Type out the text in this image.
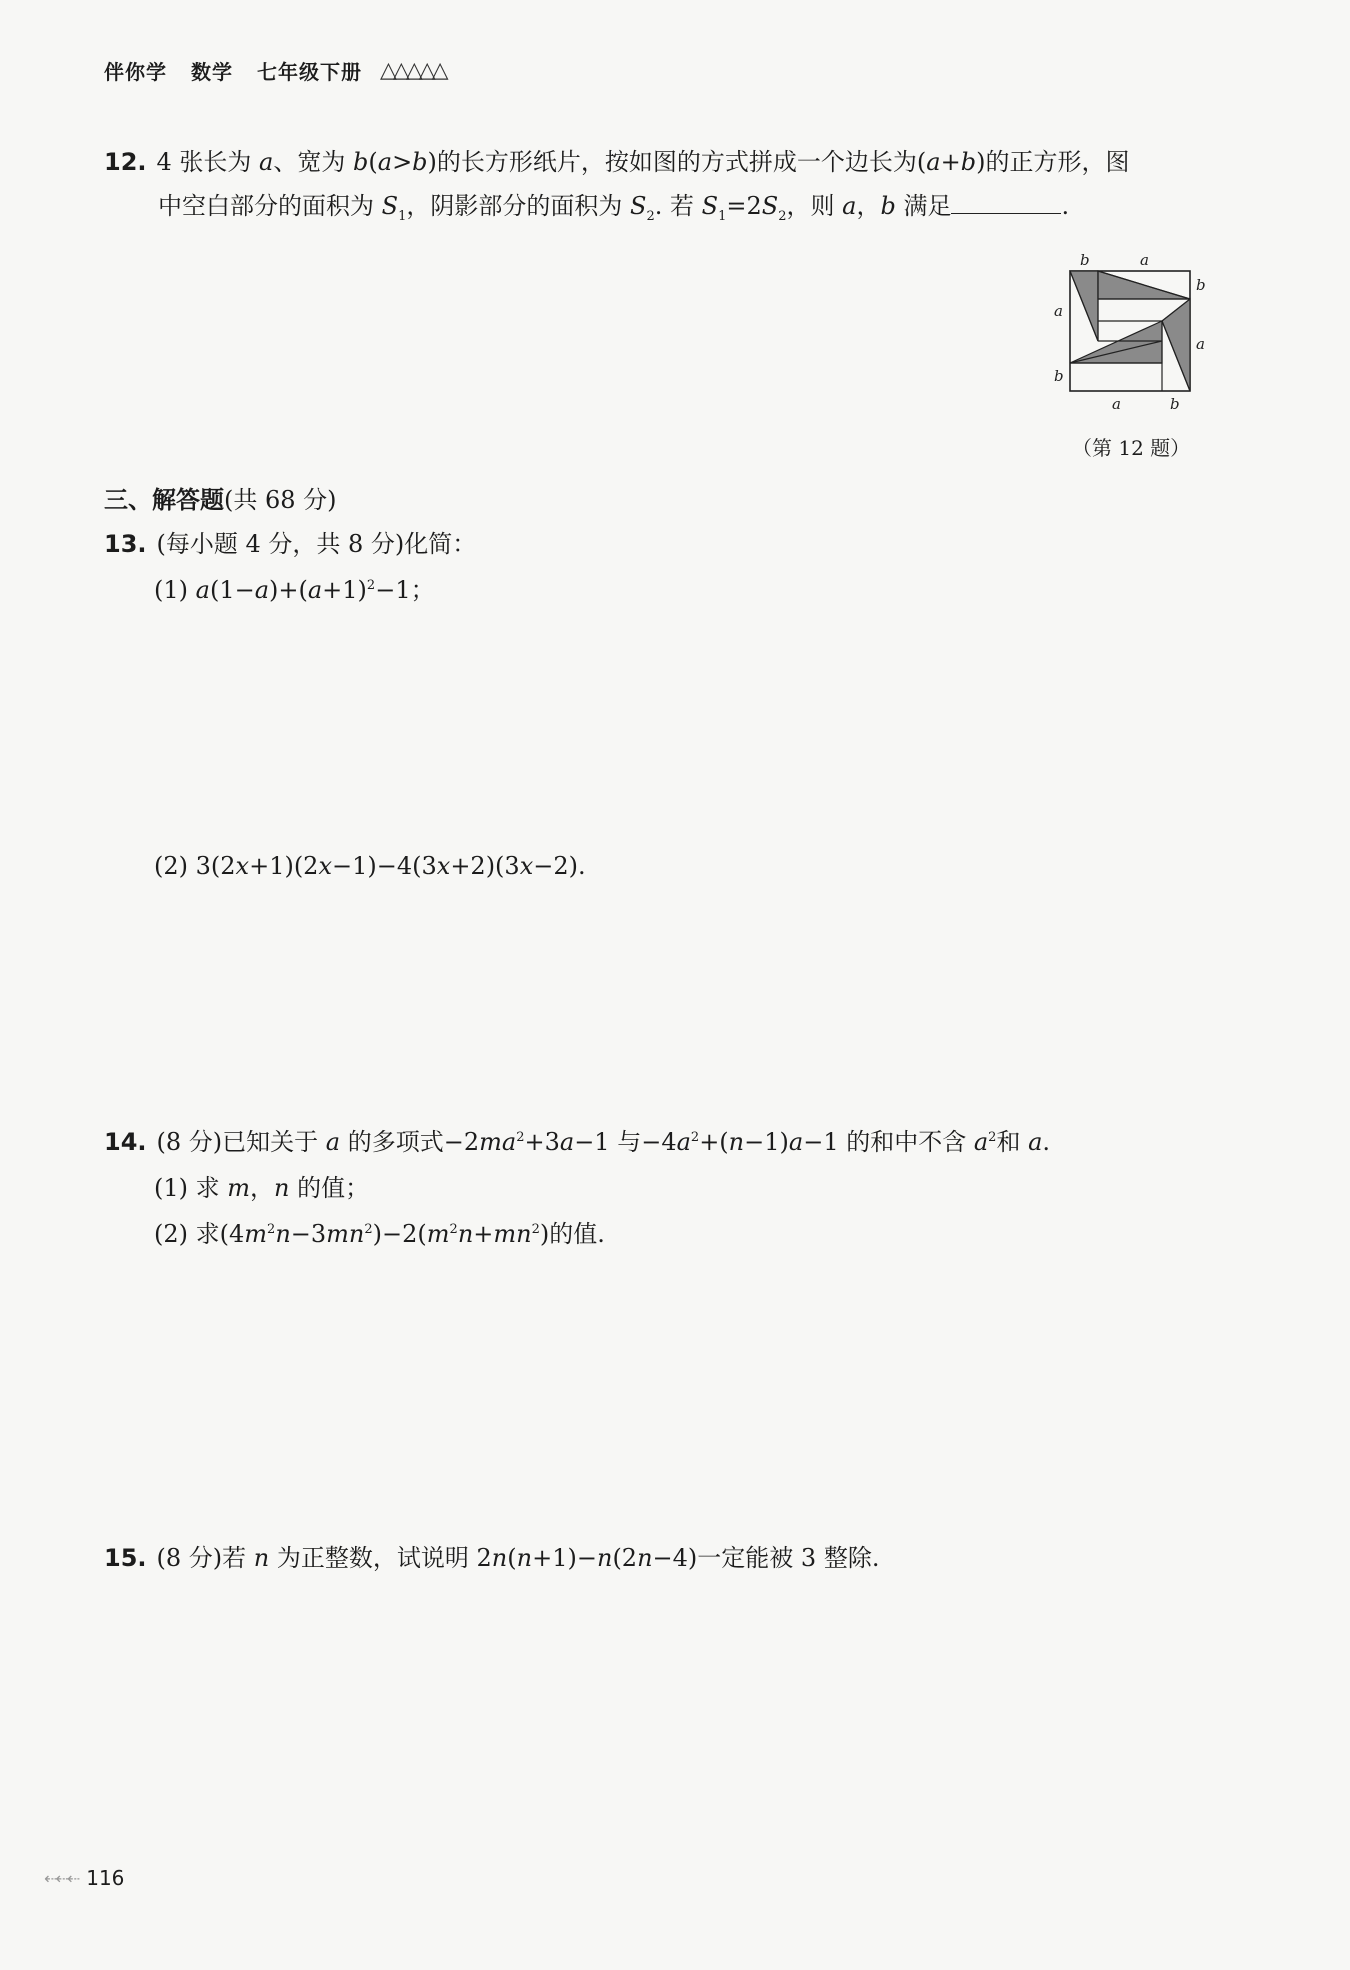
伴你学 数学 七年级下册 △△△△△
12. 4 张长为 a、宽为 b(a>b)的长方形纸片，按如图的方式拼成一个边长为(a+b)的正方形，图
中空白部分的面积为 $S_1$，阴影部分的面积为 $S_2$. 若 $S_1=2S_2$，则 a，b 满足	.
b	a
a
b
b
a
a	b
（第 12 题）
三、解答题(共 68 分)
13. (每小题 4 分，共 8 分)化简：
(1) $a(1-a)+(a+1)^2-1$；
(2) 3(2x+1)(2x−1)−4(3x+2)(3x−2).
14. (8 分)已知关于 a 的多项式$-2ma^2+3a-1$ 与$-4a^2+(n-1)a-1$ 的和中不含 $a^2$和 a.
(1) 求 m，n 的值；
(2) 求$(4m^2n-3mn^2)-2(m^2n+mn^2)$的值.
15. (8 分)若 n 为正整数，试说明 2n(n+1)−n(2n−4)一定能被 3 整除.
⇠⇠⇠ 116
